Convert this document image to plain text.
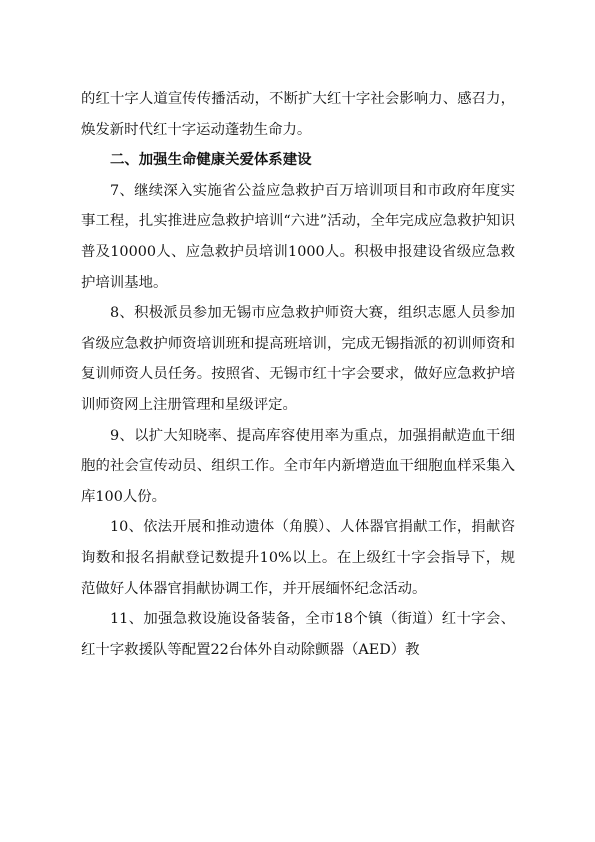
的红十字人道宣传传播活动，不断扩大红十字社会影响力、感召力，焕发新时代红十字运动蓬勃生命力。

二、加强生命健康关爱体系建设

7、继续深入实施省公益应急救护百万培训项目和市政府年度实事工程，扎实推进应急救护培训“六进”活动，全年完成应急救护知识普及10000人、应急救护员培训1000人。积极申报建设省级应急救护培训基地。

8、积极派员参加无锡市应急救护师资大赛，组织志愿人员参加省级应急救护师资培训班和提高班培训，完成无锡指派的初训师资和复训师资人员任务。按照省、无锡市红十字会要求，做好应急救护培训师资网上注册管理和星级评定。

9、以扩大知晓率、提高库容使用率为重点，加强捐献造血干细胞的社会宣传动员、组织工作。全市年内新增造血干细胞血样采集入库100人份。

10、依法开展和推动遗体（角膜）、人体器官捐献工作，捐献咨询数和报名捐献登记数提升10%以上。在上级红十字会指导下，规范做好人体器官捐献协调工作，并开展缅怀纪念活动。

11、加强急救设施设备装备，全市18个镇（街道）红十字会、红十字救援队等配置22台体外自动除颤器（AED）教
